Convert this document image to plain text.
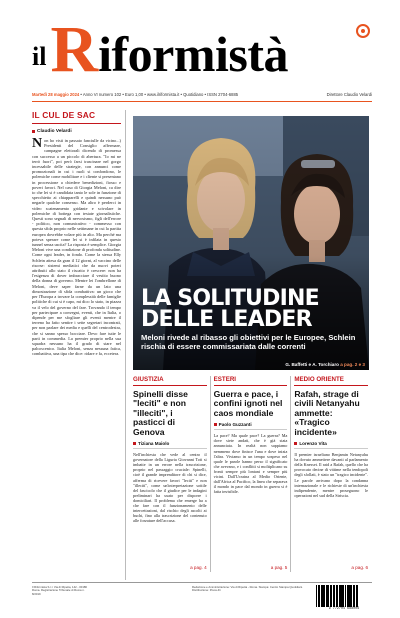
il R iformistà
Martedì 28 maggio 2024 • Anno VI numero 102 • Euro 1,00 • www.ilriformista.it • Quotidiano • ISSN 2704-6885	Direttore Claudio Velardi
IL CUL DE SAC
Claudio Velardi
N on ho visti in passato fanciulle da vicino...) Presidenti del Consiglio affermare, campagne elettorali dicendo di promessa con successo a un piccolo di abertura. "Io mi ne terrò fuori", poi però farsi trascinare nel gorgo incessabile delle strategie, con annunci come promozionali in cui i ruoli si confondono, le polemiche come mobilitare e i cliente si presentano in processione a chiedere benedizioni, fiosso e poveri favori. Nel caso di Giorgia Meloni, ca dire to che lei si è candidata tanto le sole in funzione di specchietto ai chiapparelli e quindi nessuno può negarle qualche consenso. Ma altro è perderci in video scatenamento gridante e scivolare in polemiche di bottega con testate giornalistiche. Questi sono segnali di nervosismo, figli dell'errore - politico, non comunicativo - commesso con questa sfida proprio nelle settimane in cui la partita europea dovrebbe volare più in alto. Ma perché ma poteva sperare come lei si è infilata in questo tunnel senza uscita? La risposta è semplice. Giorgia Meloni vive una condizione di profonda solitudine. Come ogni leader, in fondo. Come la stessa Elly Schlein attesa da gran il 12 giorni, al vaccino delle risorse: sistemi mediatici che da nuovi poteri attribuiti allo stato il riscatto è crescere: non ha l'esigenza di dover imbracciare il vestito buono della donna di governo. Mentre lei l'ombrellone di Meloni, deve saper farne da un lato una dimostrazione di sfida combattiva: un gioco che per l'Europa a trovare la complessità delle famiglie politiche di cui si è capo, mi dico lo stato, in piazza va il velo del governo del fare. Trovando il tempo per partecipare a convegni, eventi, che in Italia, o dipende per me sfogliare gli eventi mentre il terreno ha fatto sentire i sette segretari incontrati, per non parlare dei media e quelli del centrodestra, che si sanno spesso bocciare. Devo fare tutte le parti in commedia. La premier proprio nella sua squadra nessuno ha il grado di stare nel palcoscenico. Italia Meloni, senza nessuna fatica, combattiva, una tipa che dice: ridare e fa, eccetera.
LA SOLITUDINE DELLE LEADER
Meloni rivede al ribasso gli obiettivi per le Europee, Schlein rischia di essere commissariata dalle correnti
G. Baffetti e A. Torchiaro a pag. 2 e 3
GIUSTIZIA
Spinelli disse "leciti" e non "illeciti", i pasticci di Genova
Tiziana Maiolo
Nell'inchiesta che vede al centro il governatore della Liguria Giovanni Toti si imbatte in un errore nella trascrizione, proprio nel passaggio cruciale: Spinelli, cioè il grande imprenditore di chi si dice, afferma di ricevere favori "leciti" e non "illeciti", come un'interpretazione sottile del fascicolo che il giudice per le indagini preliminari ha usato per disporre i domiciliari. Il problema che emerge ha a che fare con il funzionamento delle intercettazioni, dal rischio degli ascolti ai buchi, fino alla trascrizione del contenuto alle forzature dell'accusa.
a pag. 4
ESTERI
Guerra e pace, i confini ignoti nel caos mondiale
Paolo Guzzanti
La pace? Ma quale pace? La guerra? Ma dove siete andati, che è già stata annunciata. In realtà non sappiamo nemmeno dove finisce l'una e dove inizia l'altra. Viviamo in un tempo sospeso nel quale le parole hanno perso il significato che avevano, e i conflitti si moltiplicano su fronti sempre più lontani e sempre più vicini. Dall'Ucraina al Medio Oriente, dall'Africa al Pacifico, la linea che separava il mondo in pace dal mondo in guerra si è fatta invisibile.
a pag. 5
MEDIO ORIENTE
Rafah, strage di civili Netanyahu ammette: «Tragico incidente»
Lorenzo Vita
Il premier israeliano Benjamin Netanyahu ha dovuto ammettere davanti al parlamento della Knesset. Il raid a Rafah, quello che ha provocato decine di vittime nella tendopoli degli sfollati, è stato un "tragico incidente". Le parole arrivano dopo la condanna internazionale e le richieste di un'inchiesta indipendente, mentre proseguono le operazioni nel sud della Striscia.
a pag. 6
Il Riformista S.r.l. Via di Ripetta, 142 - 00186 Roma. Registrazione Tribunale di Roma n. 8/2019
Redazione e Amministrazione: Via di Ripetta - Roma. Stampa: Centro Stampa Quotidiani. Distribuzione: Press-Di
9 772704 688006
